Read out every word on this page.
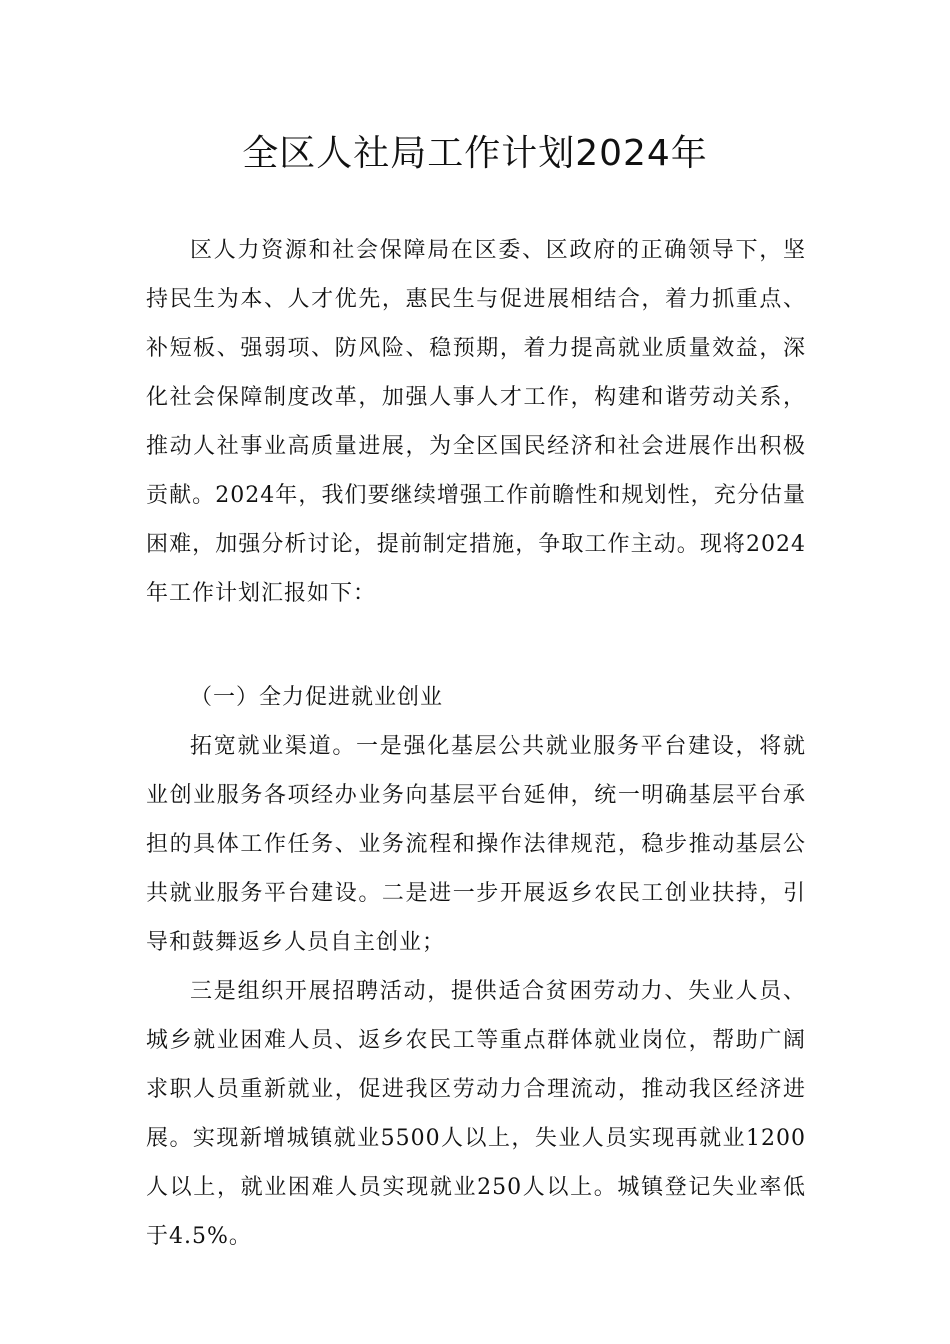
全区人社局工作计划2024年

区人力资源和社会保障局在区委、区政府的正确领导下，坚持民生为本、人才优先，惠民生与促进展相结合，着力抓重点、补短板、强弱项、防风险、稳预期，着力提高就业质量效益，深化社会保障制度改革，加强人事人才工作，构建和谐劳动关系，推动人社事业高质量进展，为全区国民经济和社会进展作出积极贡献。2024年，我们要继续增强工作前瞻性和规划性，充分估量困难，加强分析讨论，提前制定措施，争取工作主动。现将2024年工作计划汇报如下：

（一）全力促进就业创业

拓宽就业渠道。一是强化基层公共就业服务平台建设，将就业创业服务各项经办业务向基层平台延伸，统一明确基层平台承担的具体工作任务、业务流程和操作法律规范，稳步推动基层公共就业服务平台建设。二是进一步开展返乡农民工创业扶持，引导和鼓舞返乡人员自主创业；

三是组织开展招聘活动，提供适合贫困劳动力、失业人员、城乡就业困难人员、返乡农民工等重点群体就业岗位，帮助广阔求职人员重新就业，促进我区劳动力合理流动，推动我区经济进展。实现新增城镇就业5500人以上，失业人员实现再就业1200人以上，就业困难人员实现就业250人以上。城镇登记失业率低于4.5%。
